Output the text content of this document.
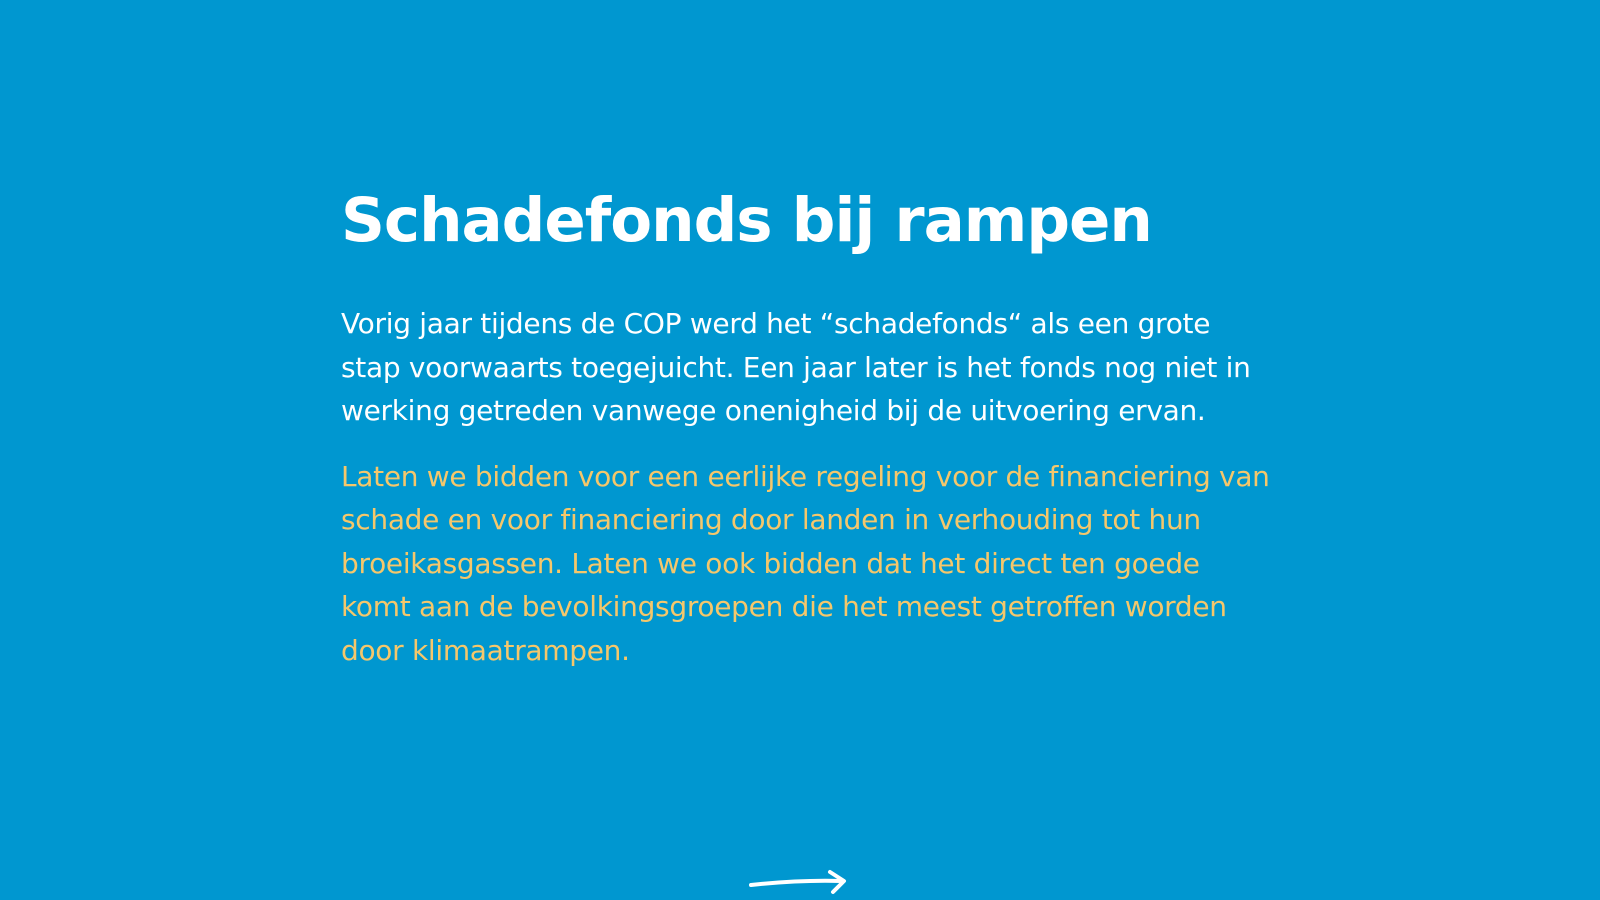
Schadefonds bij rampen

Vorig jaar tijdens de COP werd het “schadefonds“ als een grote stap voorwaarts toegejuicht. Een jaar later is het fonds nog niet in werking getreden vanwege onenigheid bij de uitvoering ervan.

Laten we bidden voor een eerlijke regeling voor de financiering van schade en voor financiering door landen in verhouding tot hun broeikasgassen. Laten we ook bidden dat het direct ten goede komt aan de bevolkingsgroepen die het meest getroffen worden door klimaatrampen.
